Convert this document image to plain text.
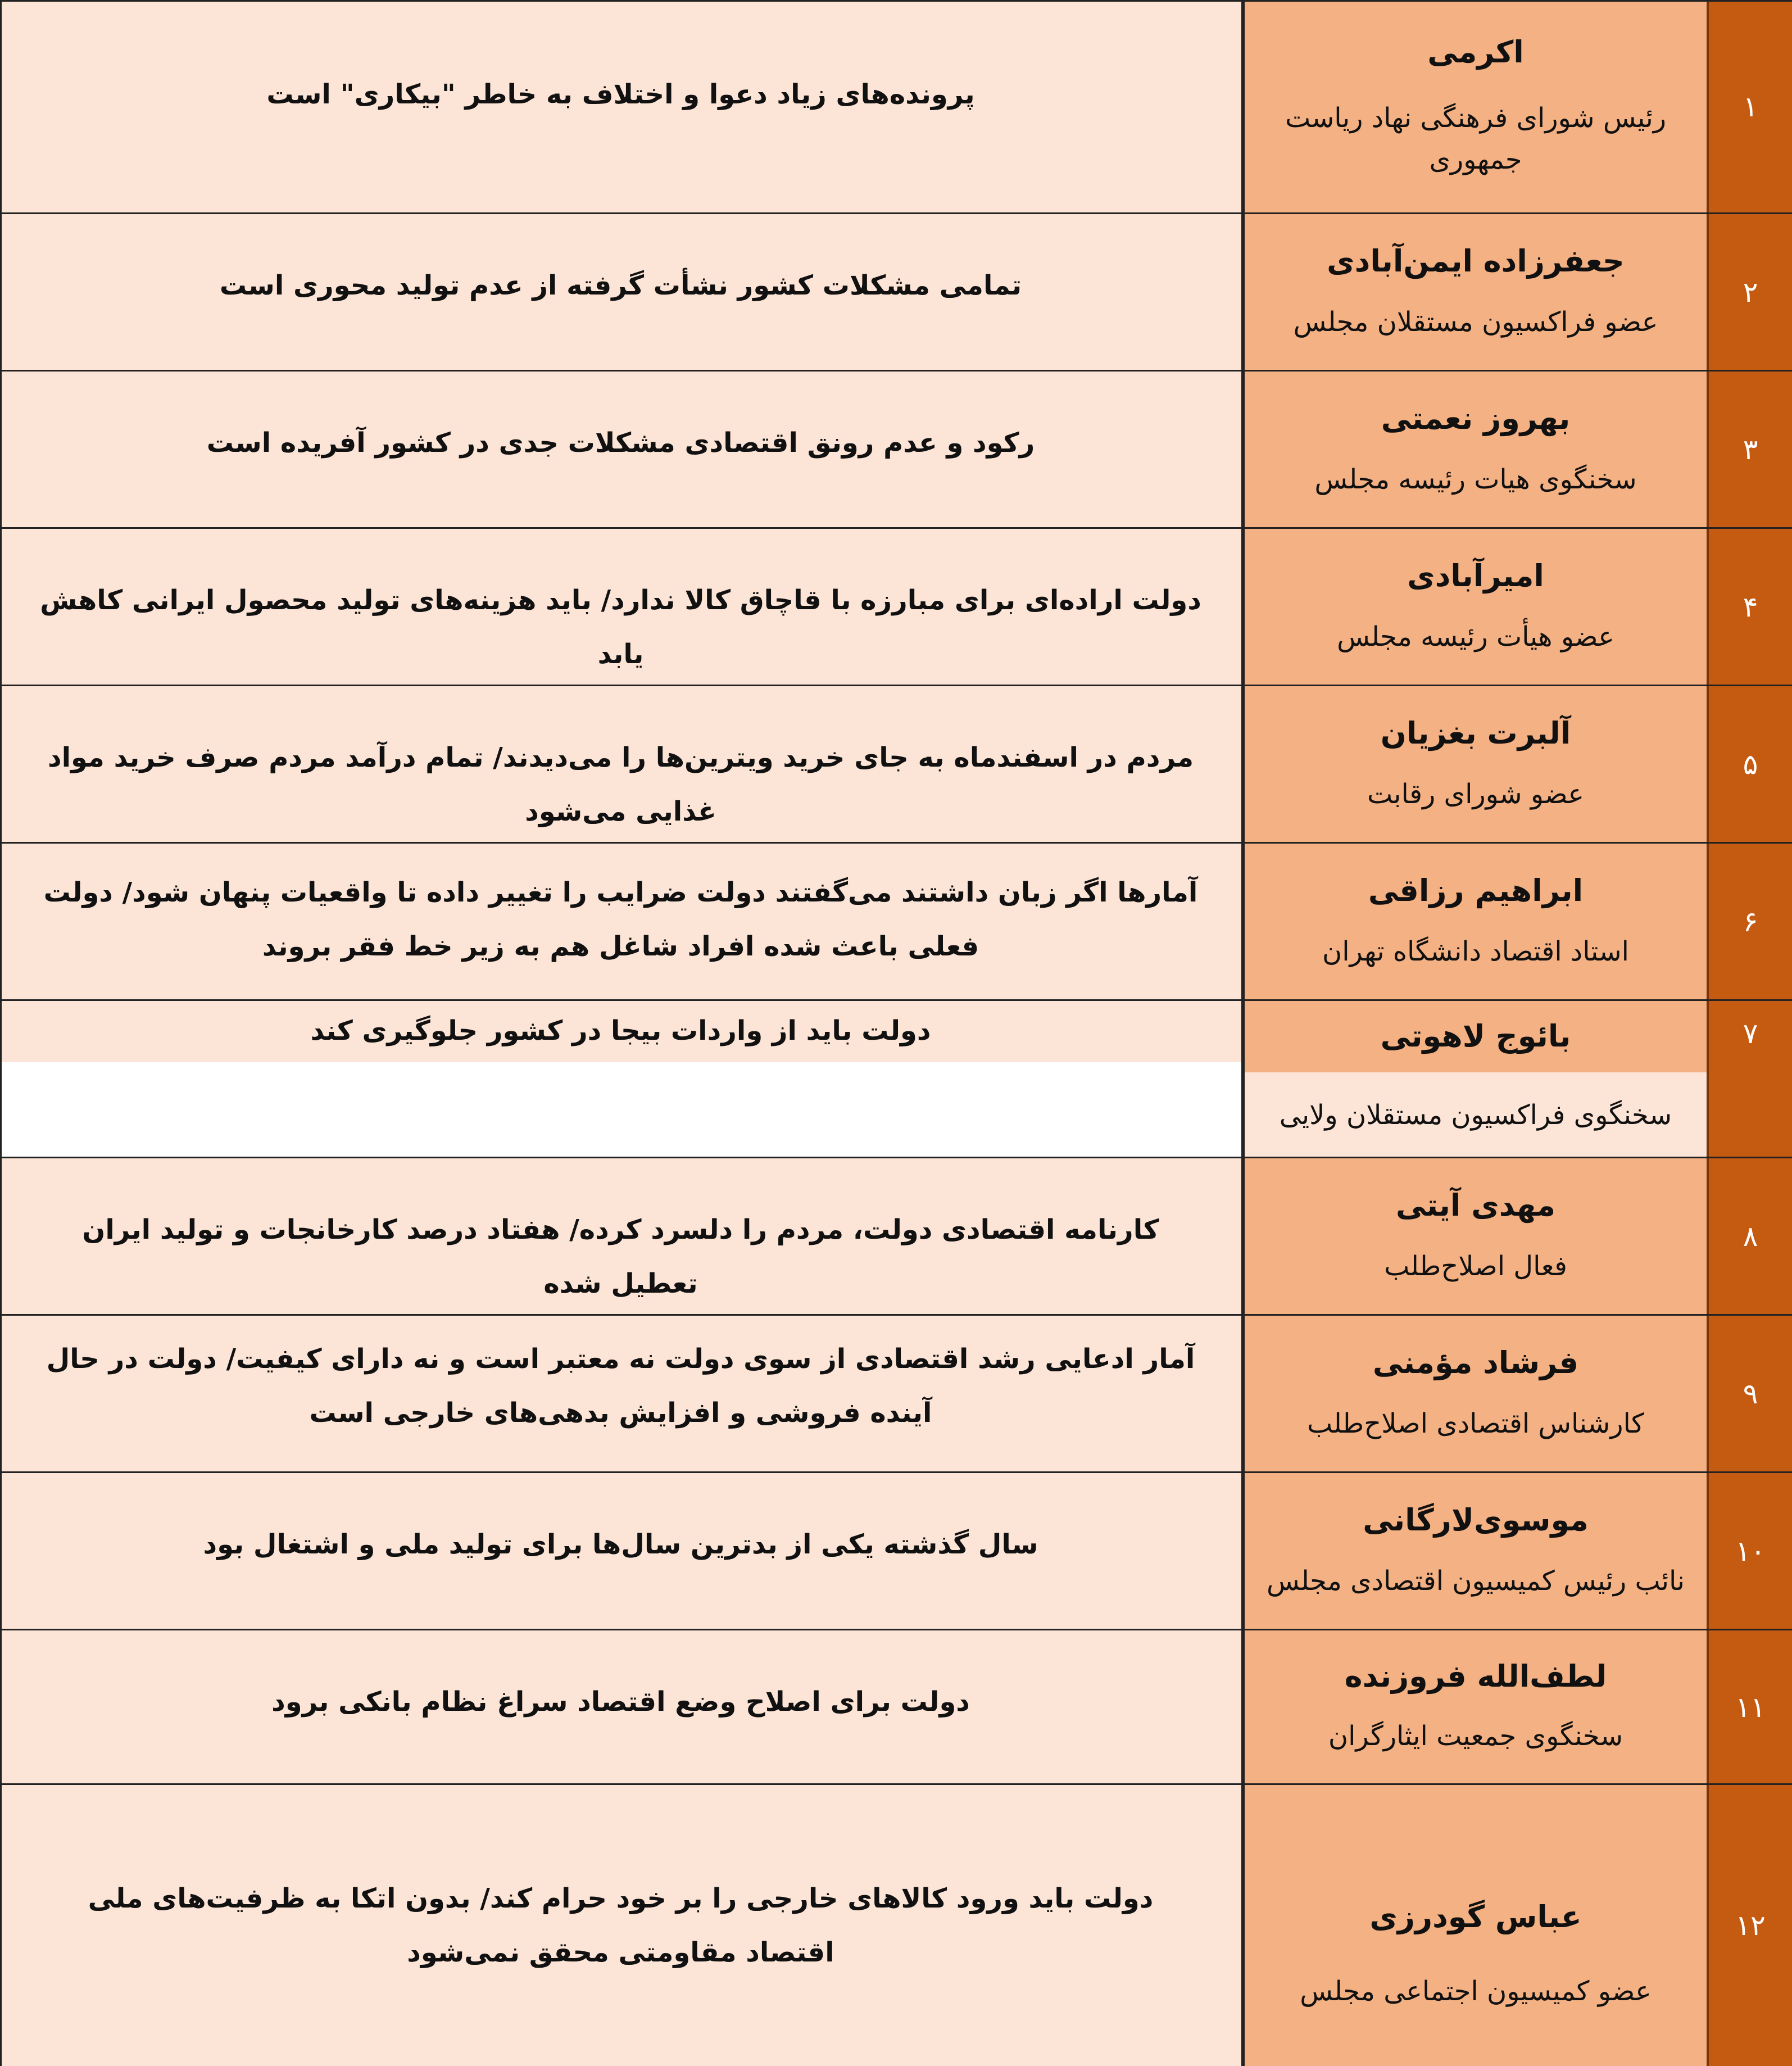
۱
اکرمی
رئیس شورای فرهنگی نهاد ریاست جمهوری
پرونده‌های زیاد دعوا و اختلاف به خاطر "بیکاری" است
۲
جعفرزاده ایمن‌آبادی
عضو فراکسیون مستقلان مجلس
تمامی مشکلات کشور نشأت گرفته از عدم تولید محوری است
۳
بهروز نعمتی
سخنگوی هیات رئیسه مجلس
رکود و عدم رونق اقتصادی مشکلات جدی در کشور آفریده است
۴
امیرآبادی
عضو هیأت رئیسه مجلس
دولت اراده‌ای برای مبارزه با قاچاق کالا ندارد/ باید هزینه‌های تولید محصول ایرانی کاهش یابد
۵
آلبرت بغزیان
عضو شورای رقابت
مردم در اسفندماه به جای خرید ویترین‌ها را می‌دیدند/ تمام درآمد مردم صرف خرید مواد غذایی می‌شود
۶
ابراهیم رزاقی
استاد اقتصاد دانشگاه تهران
آمارها اگر زبان داشتند می‌گفتند دولت ضرایب را تغییر داده تا واقعیات پنهان شود/ دولت فعلی باعث شده افراد شاغل هم به زیر خط فقر بروند
۷
بائوج لاهوتی
سخنگوی فراکسیون مستقلان ولایی
دولت باید از واردات بیجا در کشور جلوگیری کند
۸
مهدی آیتی
فعال اصلاح‌طلب
کارنامه اقتصادی دولت، مردم را دلسرد کرده/ هفتاد درصد کارخانجات و تولید ایران تعطیل شده
۹
فرشاد مؤمنی
کارشناس اقتصادی اصلاح‌طلب
آمار ادعایی رشد اقتصادی از سوی دولت نه معتبر است و نه دارای کیفیت/ دولت در حال آینده فروشی و افزایش بدهی‌های خارجی است
۱۰
موسوی‌لارگانی
نائب رئیس کمیسیون اقتصادی مجلس
سال گذشته یکی از بدترین سال‌ها برای تولید ملی و اشتغال بود
۱۱
لطف‌الله فروزنده
سخنگوی جمعیت ایثارگران
دولت برای اصلاح وضع اقتصاد سراغ نظام بانکی برود
۱۲
عباس گودرزی
عضو کمیسیون اجتماعی مجلس
دولت باید ورود کالاهای خارجی را بر خود حرام کند/ بدون اتکا به ظرفیت‌های ملی اقتصاد مقاومتی محقق نمی‌شود
